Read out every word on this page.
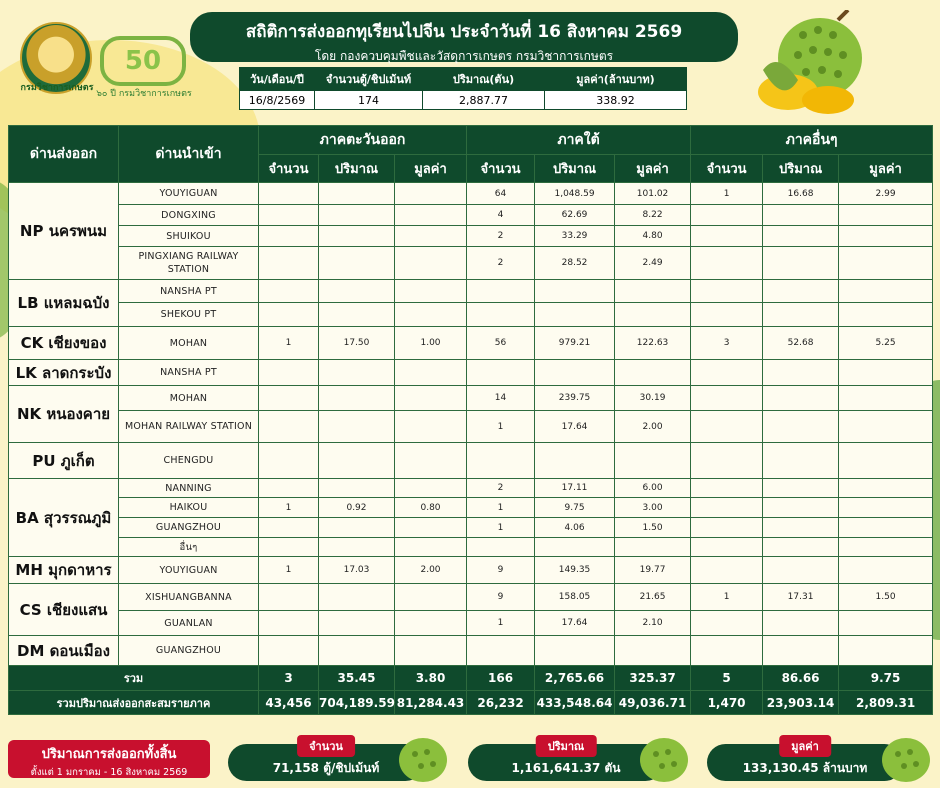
กรมวิชาการเกษตร
50
๖๐ ปี กรมวิชาการเกษตร
สถิติการส่งออกทุเรียนไปจีน ประจำวันที่ 16 สิงหาคม 2569
โดย กองควบคุมพืชและวัสดุการเกษตร กรมวิชาการเกษตร
วัน/เดือน/ปี	จำนวนตู้/ชิปเม้นท์	ปริมาณ(ตัน)	มูลค่า(ล้านบาท)
16/8/2569	174	2,887.77	338.92
ด่านส่งออก	ด่านนำเข้า	ภาคตะวันออก			ภาคใต้			ภาคอื่นๆ		
		จำนวน	ปริมาณ	มูลค่า	จำนวน	ปริมาณ	มูลค่า	จำนวน	ปริมาณ	มูลค่า
NP นครพนม	YOUYIGUAN				64	1,048.59	101.02	1	16.68	2.99
	DONGXING				4	62.69	8.22			
	SHUIKOU				2	33.29	4.80			
	PINGXIANG RAILWAY STATION				2	28.52	2.49			
LB แหลมฉบัง	NANSHA PT									
	SHEKOU PT									
CK เชียงของ	MOHAN	1	17.50	1.00	56	979.21	122.63	3	52.68	5.25
LK ลาดกระบัง	NANSHA PT									
NK หนองคาย	MOHAN				14	239.75	30.19			
	MOHAN RAILWAY STATION				1	17.64	2.00			
PU ภูเก็ต	CHENGDU									
BA สุวรรณภูมิ	NANNING				2	17.11	6.00			
	HAIKOU	1	0.92	0.80	1	9.75	3.00			
	GUANGZHOU				1	4.06	1.50			
	อื่นๆ									
MH มุกดาหาร	YOUYIGUAN	1	17.03	2.00	9	149.35	19.77			
CS เชียงแสน	XISHUANGBANNA				9	158.05	21.65	1	17.31	1.50
	GUANLAN				1	17.64	2.10			
DM ดอนเมือง	GUANGZHOU									
รวม		3	35.45	3.80	166	2,765.66	325.37	5	86.66	9.75
รวมปริมาณส่งออกสะสมรายภาค		43,456	704,189.59	81,284.43	26,232	433,548.64	49,036.71	1,470	23,903.14	2,809.31
ปริมาณการส่งออกทั้งสิ้น
ตั้งแต่ 1 มกราคม - 16 สิงหาคม 2569
จำนวน
71,158 ตู้/ชิปเม้นท์
ปริมาณ
1,161,641.37 ตัน
มูลค่า
133,130.45 ล้านบาท
